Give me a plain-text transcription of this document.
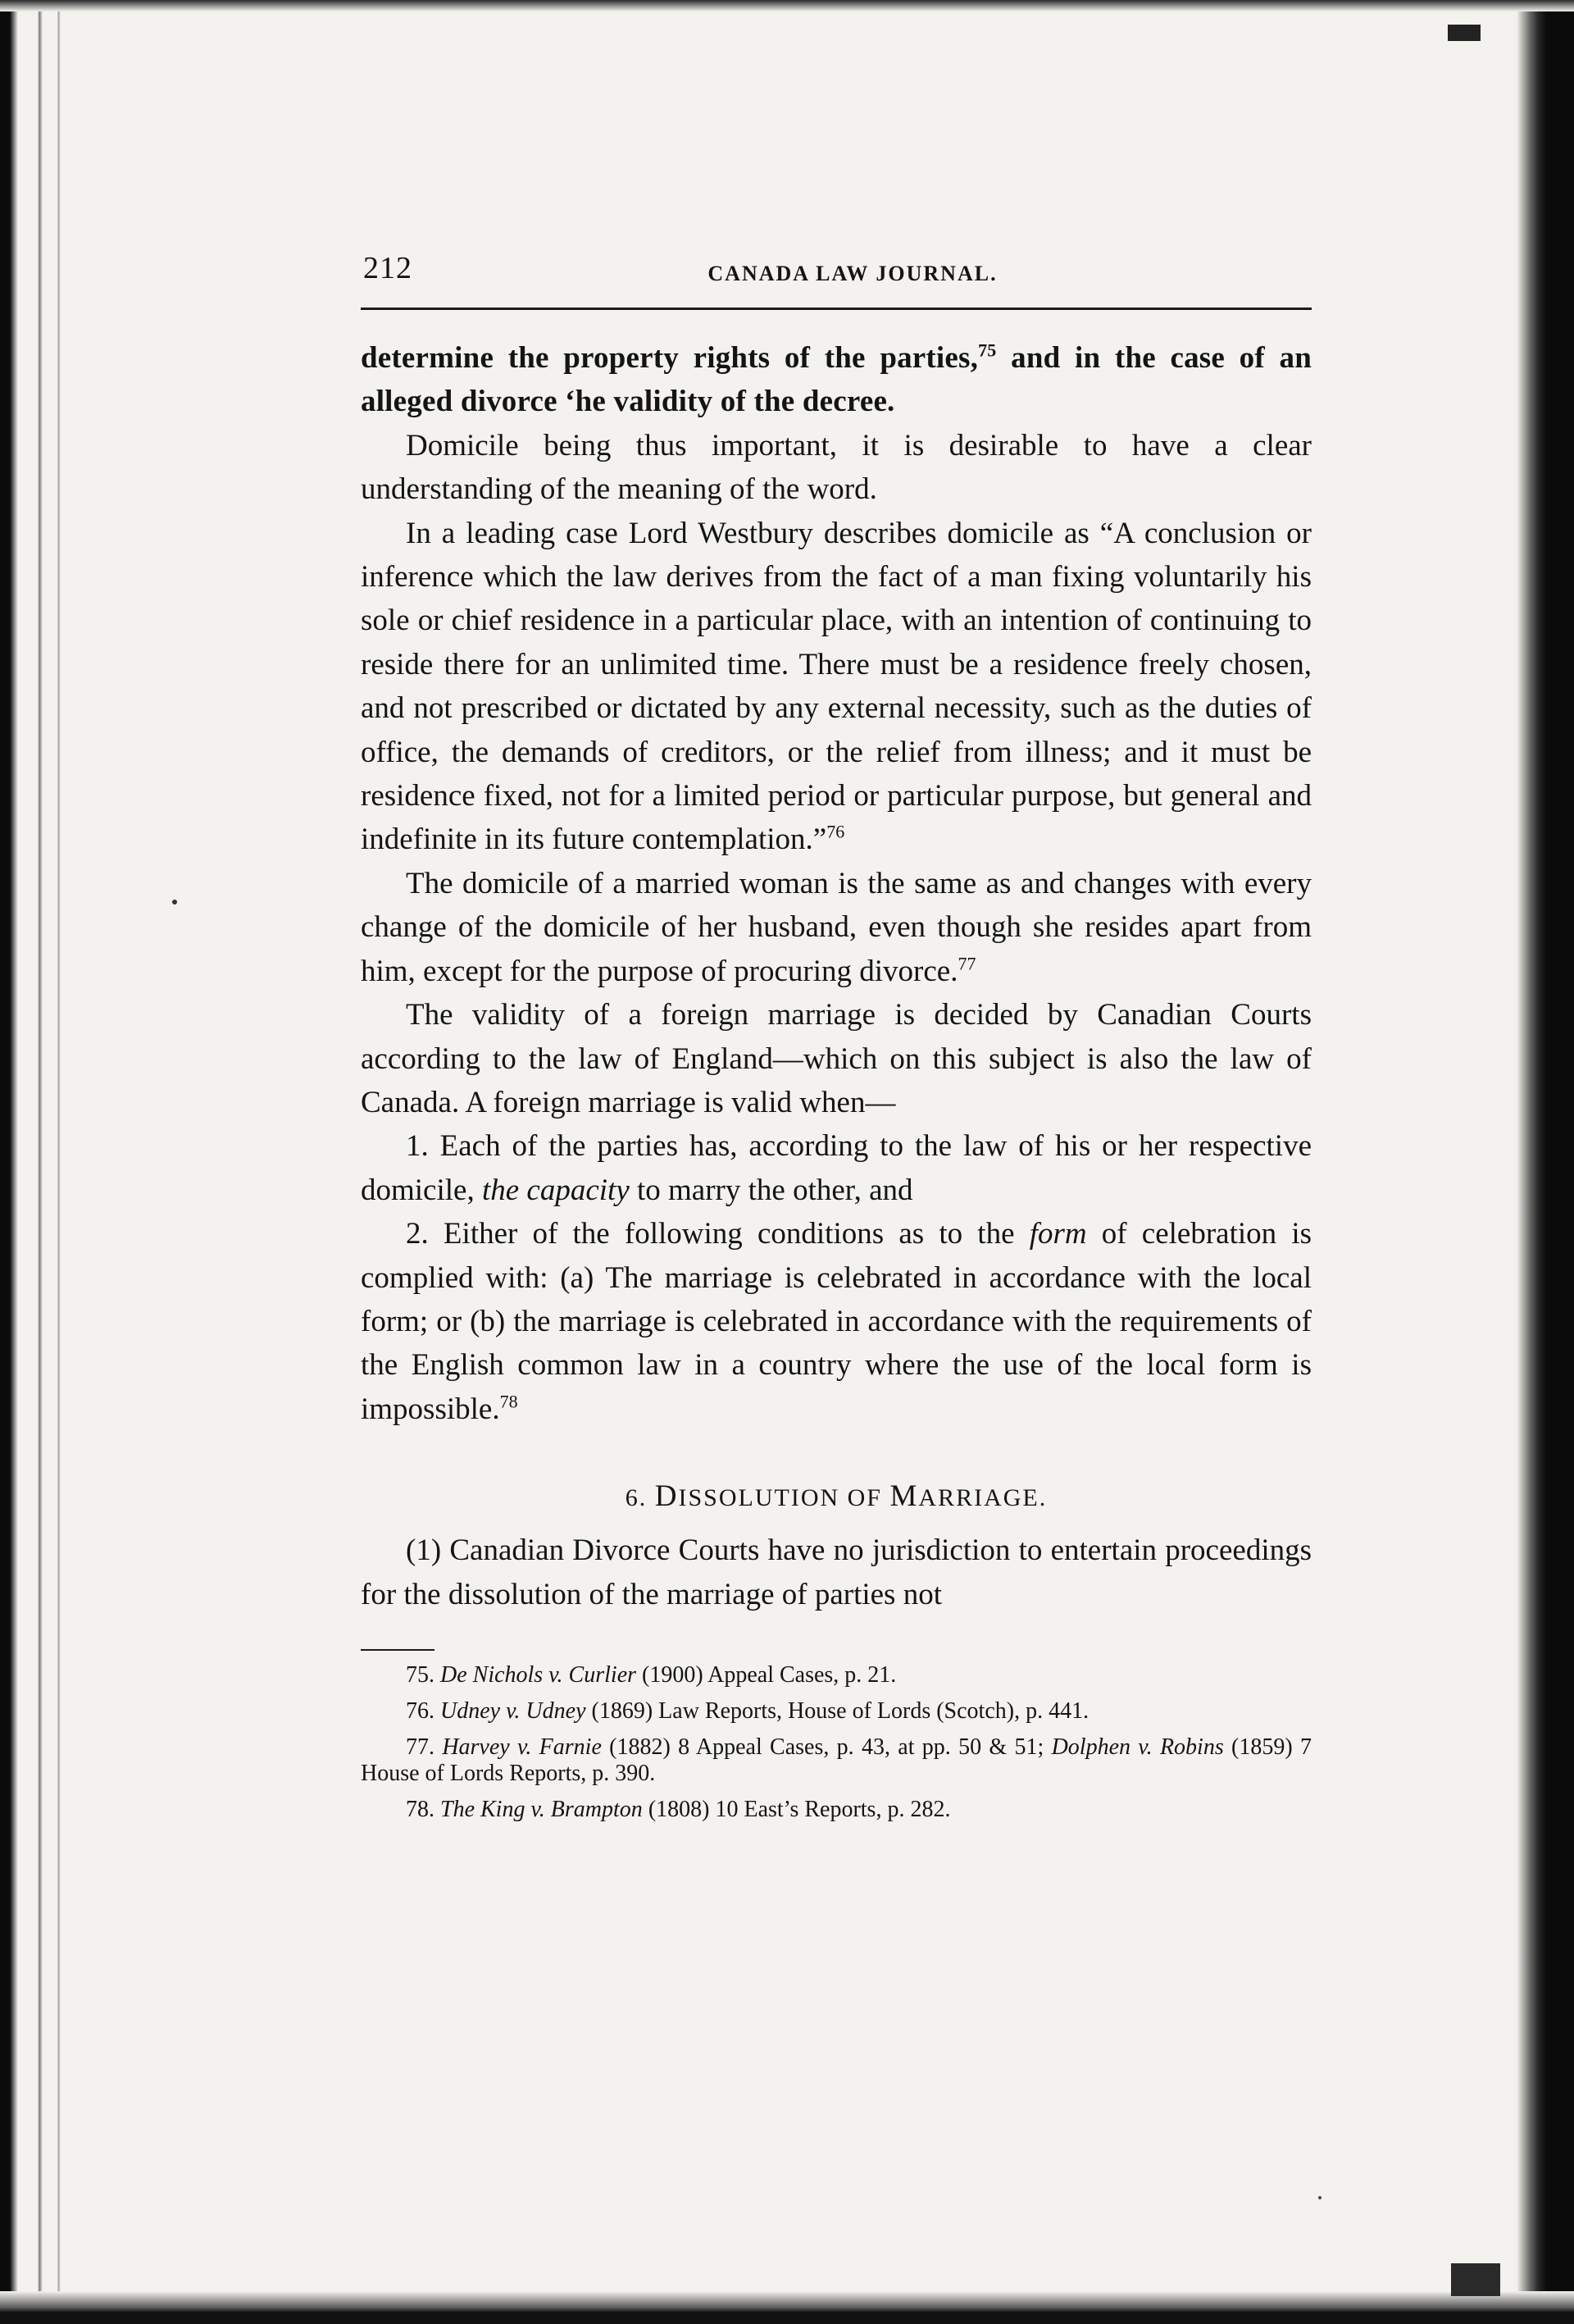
212	CANADA LAW JOURNAL.

determine the property rights of the parties,$^{75}$ and in the case of an alleged divorce ‘he validity of the decree.

Domicile being thus important, it is desirable to have a clear understanding of the meaning of the word.

In a leading case Lord Westbury describes domicile as “A conclusion or inference which the law derives from the fact of a man fixing voluntarily his sole or chief residence in a particular place, with an intention of continuing to reside there for an unlimited time. There must be a residence freely chosen, and not prescribed or dictated by any external necessity, such as the duties of office, the demands of creditors, or the relief from illness; and it must be residence fixed, not for a limited period or particular purpose, but general and indefinite in its future contemplation.”$^{76}$

The domicile of a married woman is the same as and changes with every change of the domicile of her husband, even though she resides apart from him, except for the purpose of procuring divorce.$^{77}$

The validity of a foreign marriage is decided by Canadian Courts according to the law of England—which on this subject is also the law of Canada. A foreign marriage is valid when—

1. Each of the parties has, according to the law of his or her respective domicile, the capacity to marry the other, and

2. Either of the following conditions as to the form of celebration is complied with: (a) The marriage is celebrated in accordance with the local form; or (b) the marriage is celebrated in accordance with the requirements of the English common law in a country where the use of the local form is impossible.$^{78}$

6. DISSOLUTION OF MARRIAGE.

(1) Canadian Divorce Courts have no jurisdiction to entertain proceedings for the dissolution of the marriage of parties not

75. De Nichols v. Curlier (1900) Appeal Cases, p. 21.

76. Udney v. Udney (1869) Law Reports, House of Lords (Scotch), p. 441.

77. Harvey v. Farnie (1882) 8 Appeal Cases, p. 43, at pp. 50 & 51; Dolphen v. Robins (1859) 7 House of Lords Reports, p. 390.

78. The King v. Brampton (1808) 10 East’s Reports, p. 282.
